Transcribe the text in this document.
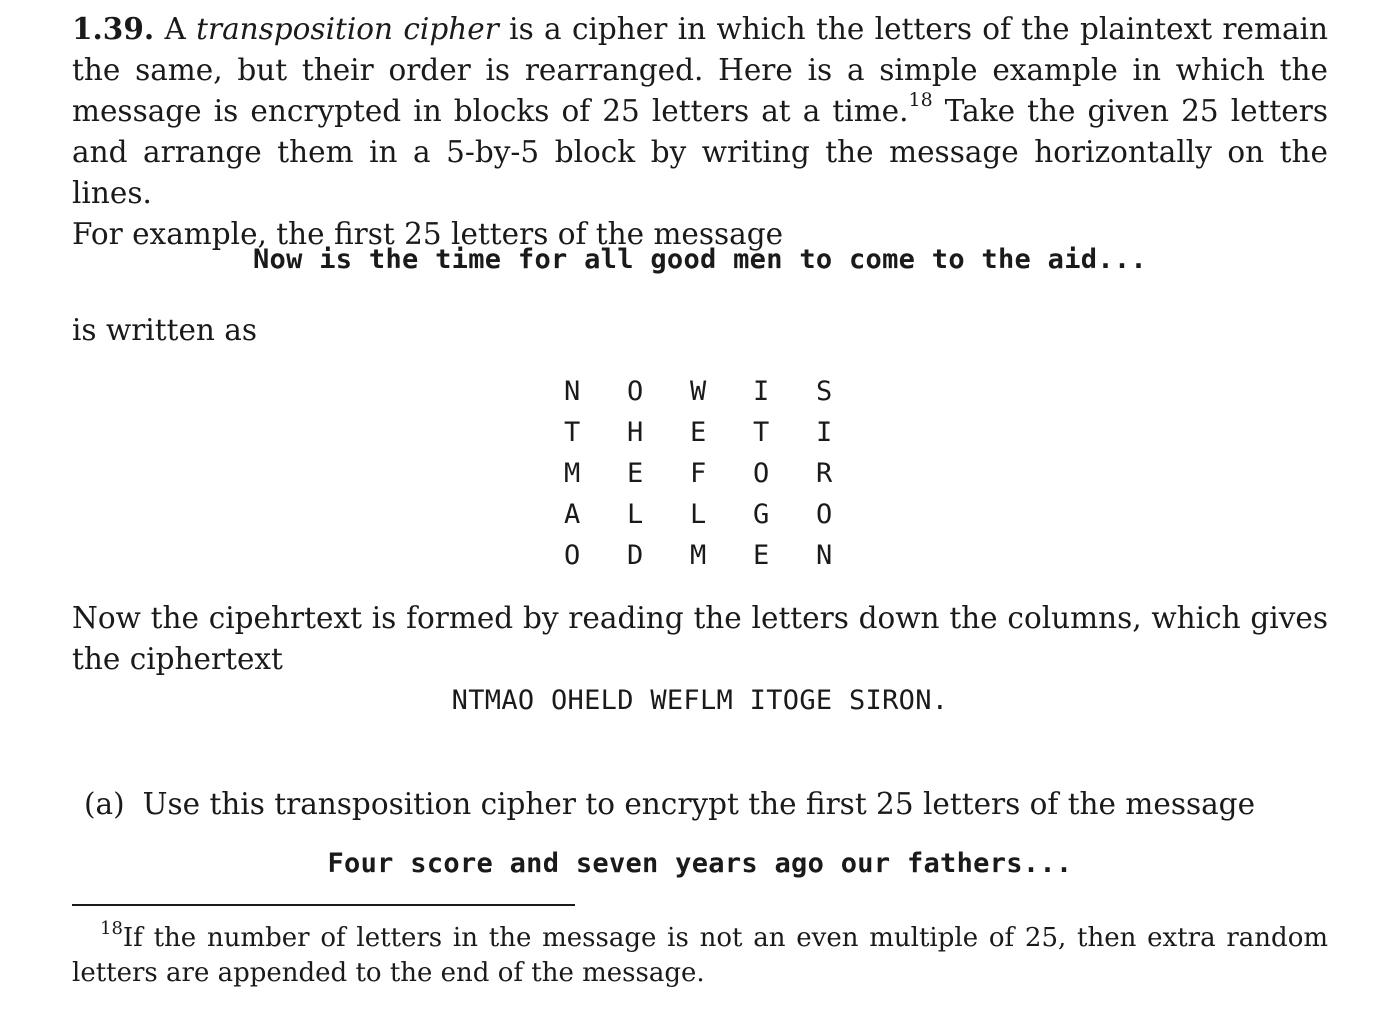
1.39. A transposition cipher is a cipher in which the letters of the plaintext remain
the same, but their order is rearranged. Here is a simple example in which the
message is encrypted in blocks of 25 letters at a time.$^{18}$ Take the given 25 letters
and arrange them in a 5-by-5 block by writing the message horizontally on the lines.
For example, the first 25 letters of the message

Now is the time for all good men to come to the aid...
is written as
N	O	W	I	S
T	H	E	T	I
M	E	F	O	R
A	L	L	G	O
O	D	M	E	N

Now the cipehrtext is formed by reading the letters down the columns, which gives
the ciphertext

NTMAO OHELD WEFLM ITOGE SIRON.
(a) Use this transposition cipher to encrypt the first 25 letters of the message
Four score and seven years ago our fathers...
$^{18}$If the number of letters in the message is not an even multiple of 25, then extra random
letters are appended to the end of the message.
